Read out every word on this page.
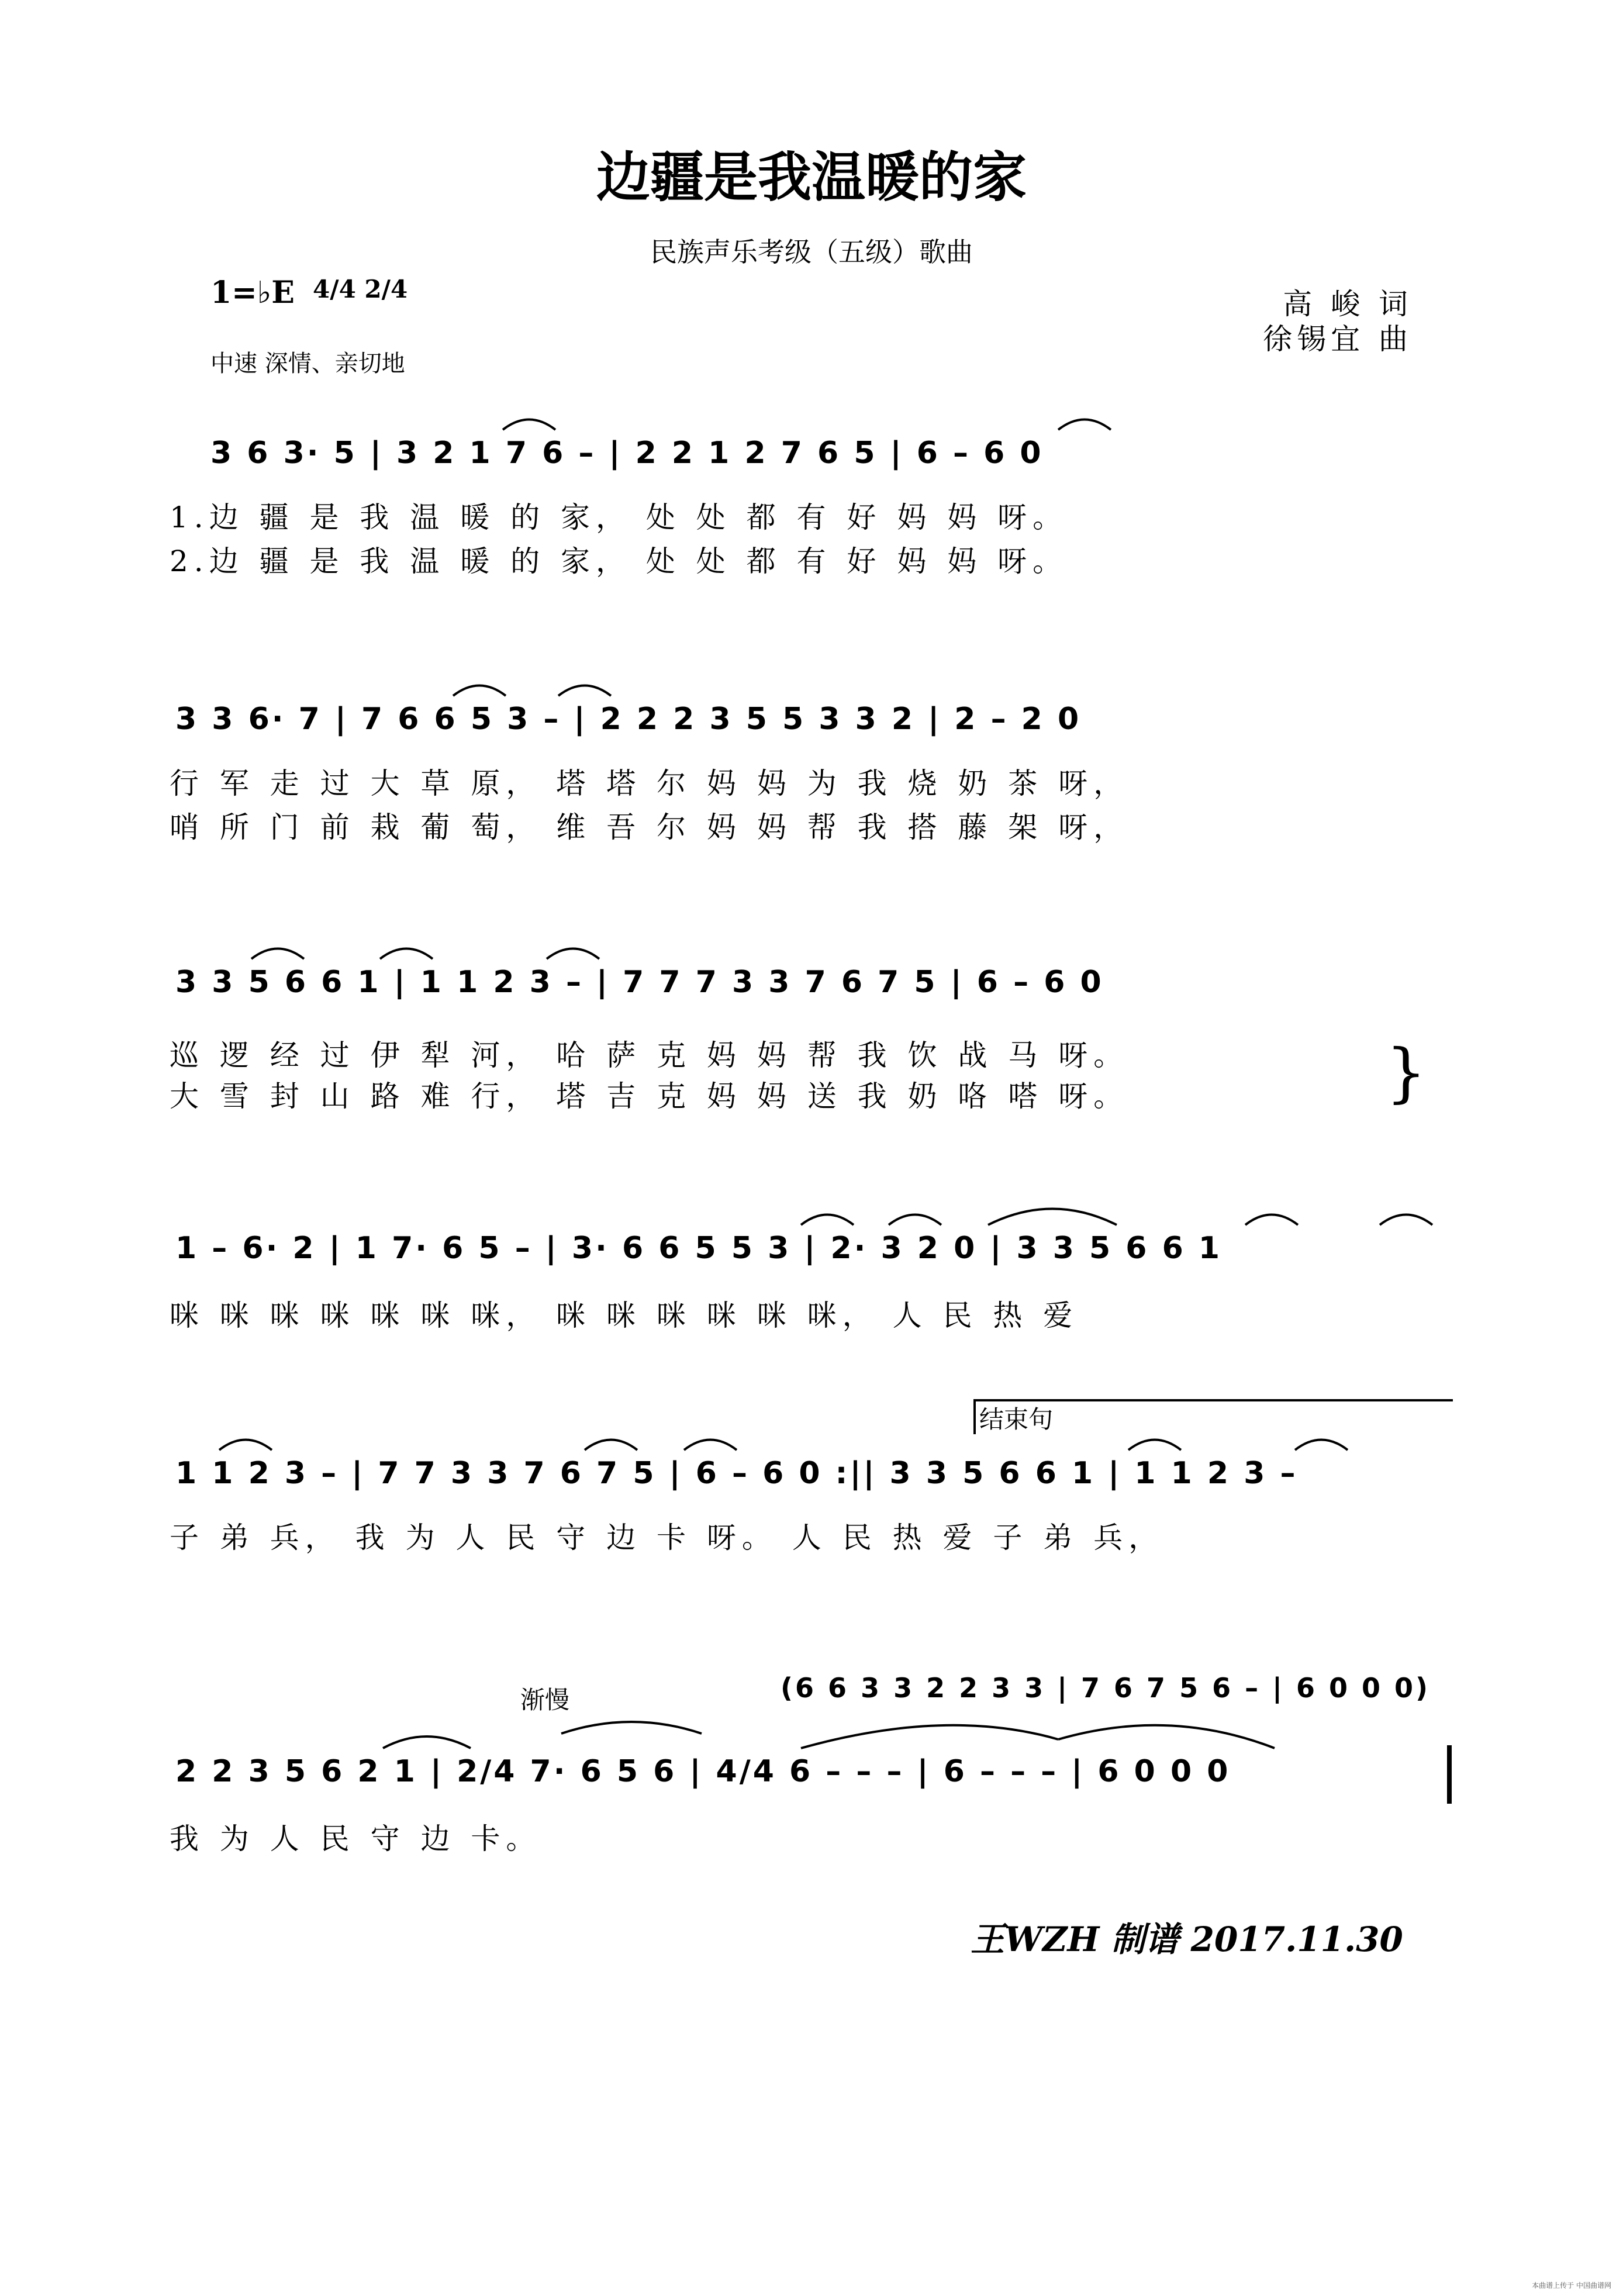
边疆是我温暖的家
民族声乐考级（五级）歌曲
1=♭E 4/4 2/4
中速 深情、亲切地
高 峻 词
徐锡宜 曲
3 6 3· 5 | 3 2 1 7 6 – | 2 2 1 2 7 6 5 | 6 – 6 0
1.边 疆 是 我 温 暖 的 家， 处 处 都 有 好 妈 妈 呀。
2.边 疆 是 我 温 暖 的 家， 处 处 都 有 好 妈 妈 呀。
3 3 6· 7 | 7 6 6 5 3 – | 2 2 2 3 5 5 3 3 2 | 2 – 2 0
行 军 走 过 大 草 原， 塔 塔 尔 妈 妈 为 我 烧 奶 茶 呀，
哨 所 门 前 栽 葡 萄， 维 吾 尔 妈 妈 帮 我 搭 藤 架 呀，
3 3 5 6 6 1 | 1 1 2 3 – | 7 7 7 3 3 7 6 7 5 | 6 – 6 0
巡 逻 经 过 伊 犁 河， 哈 萨 克 妈 妈 帮 我 饮 战 马 呀。
大 雪 封 山 路 难 行， 塔 吉 克 妈 妈 送 我 奶 咯 嗒 呀。	}
1 – 6· 2 | 1 7· 6 5 – | 3· 6 6 5 5 3 | 2· 3 2 0 | 3 3 5 6 6 1
咪 咪 咪 咪 咪 咪 咪， 咪 咪 咪 咪 咪 咪， 人 民 热 爱
结束句
1 1 2 3 – | 7 7 3 3 7 6 7 5 | 6 – 6 0 :|| 3 3 5 6 6 1 | 1 1 2 3 –
子 弟 兵， 我 为 人 民 守 边 卡 呀。 人 民 热 爱 子 弟 兵，
渐慢	(6 6 3 3 2 2 3 3 | 7 6 7 5 6 – | 6 0 0 0)
2 2 3 5 6 2 1 | 2/4 7· 6 5 6 | 4/4 6 – – – | 6 – – – | 6 0 0 0
我 为 人 民 守 边 卡。
王WZH 制谱 2017.11.30
本曲谱上传于 中国曲谱网
